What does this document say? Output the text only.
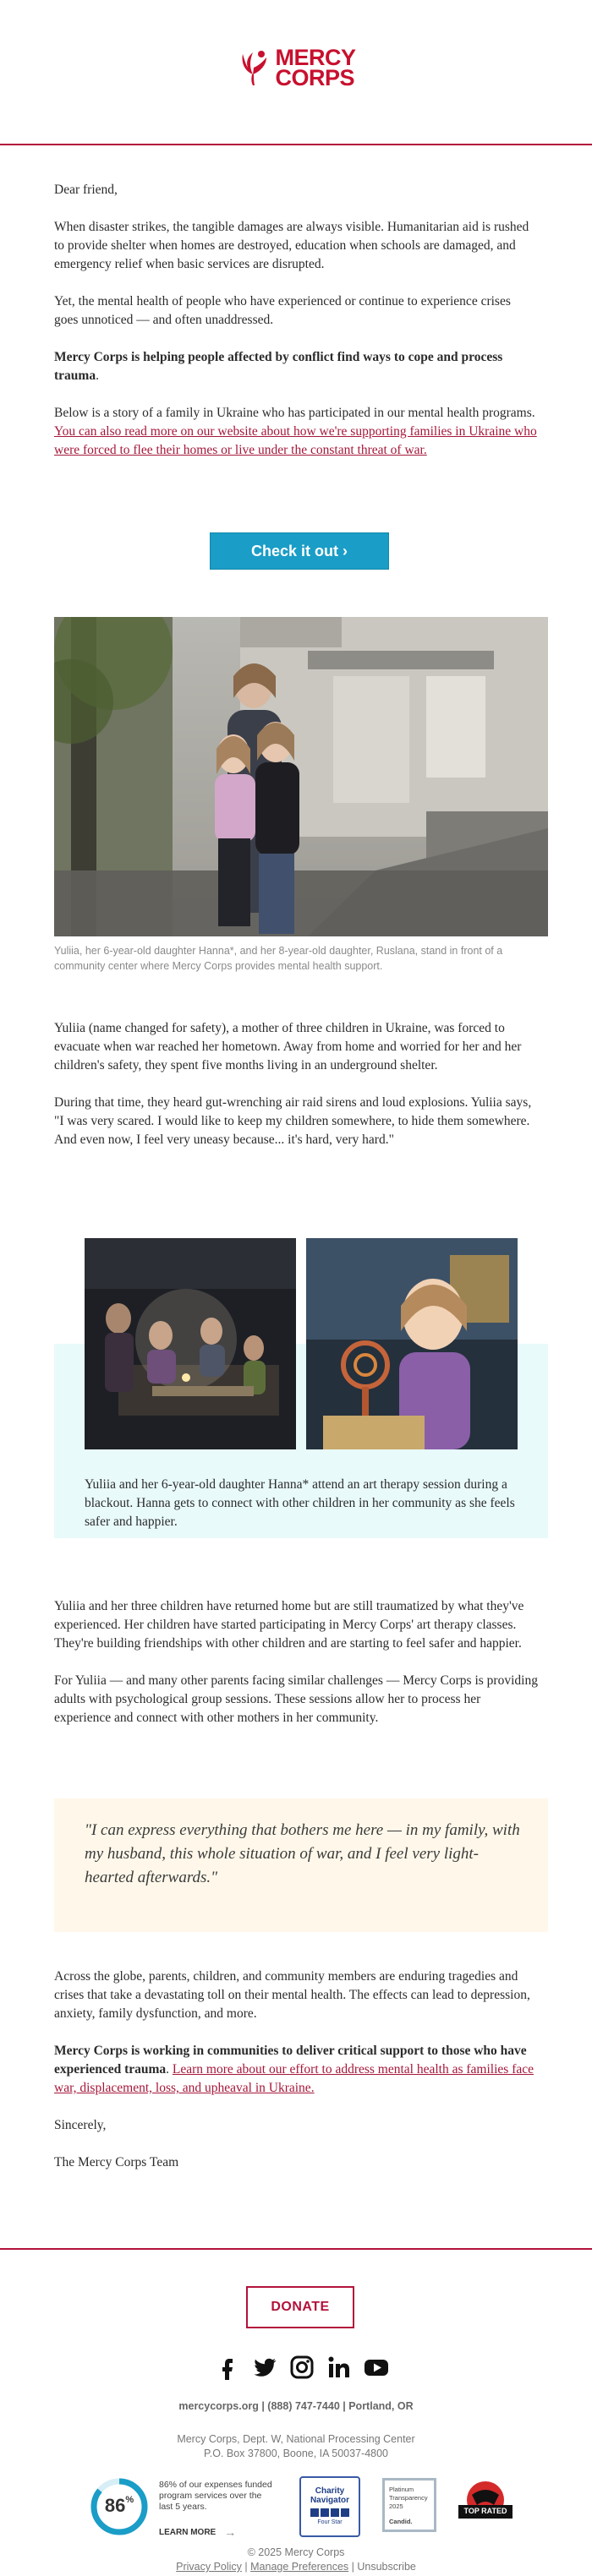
MERCY
CORPS

Dear friend,

When disaster strikes, the tangible damages are always visible. Humanitarian aid is rushed to provide shelter when homes are destroyed, education when schools are damaged, and emergency relief when basic services are disrupted.

Yet, the mental health of people who have experienced or continue to experience crises goes unnoticed — and often unaddressed.

Mercy Corps is helping people affected by conflict find ways to cope and process trauma.

Below is a story of a family in Ukraine who has participated in our mental health programs. You can also read more on our website about how we're supporting families in Ukraine who were forced to flee their homes or live under the constant threat of war.

Check it out ›
Yuliia, her 6-year-old daughter Hanna*, and her 8-year-old daughter, Ruslana, stand in front of a community center where Mercy Corps provides mental health support.

Yuliia (name changed for safety), a mother of three children in Ukraine, was forced to evacuate when war reached her hometown. Away from home and worried for her and her children's safety, they spent five months living in an underground shelter.

During that time, they heard gut-wrenching air raid sirens and loud explosions. Yuliia says, "I was very scared. I would like to keep my children somewhere, to hide them somewhere. And even now, I feel very uneasy because... it's hard, very hard."

Yuliia and her 6-year-old daughter Hanna* attend an art therapy session during a blackout. Hanna gets to connect with other children in her community as she feels safer and happier.

Yuliia and her three children have returned home but are still traumatized by what they've experienced. Her children have started participating in Mercy Corps' art therapy classes. They're building friendships with other children and are starting to feel safer and happier.

For Yuliia — and many other parents facing similar challenges — Mercy Corps is providing adults with psychological group sessions. These sessions allow her to process her experience and connect with other mothers in her community.

"I can express everything that bothers me here — in my family, with my husband, this whole situation of war, and I feel very light-hearted afterwards."

Across the globe, parents, children, and community members are enduring tragedies and crises that take a devastating toll on their mental health. The effects can lead to depression, anxiety, family dysfunction, and more.

Mercy Corps is working in communities to deliver critical support to those who have experienced trauma. Learn more about our effort to address mental health as families face war, displacement, loss, and upheaval in Ukraine.

Sincerely,

The Mercy Corps Team

DONATE
mercycorps.org | (888) 747-7440 | Portland, OR
Mercy Corps, Dept. W, National Processing Center
P.O. Box 37800, Boone, IA 50037-4800
86%
86% of our expenses funded program services over the last 5 years.
LEARN MORE →
Charity
Navigator
Four Star
Platinum
Transparency
2025
Candid.
TOP RATED
© 2025 Mercy Corps
Privacy Policy | Manage Preferences | Unsubscribe
